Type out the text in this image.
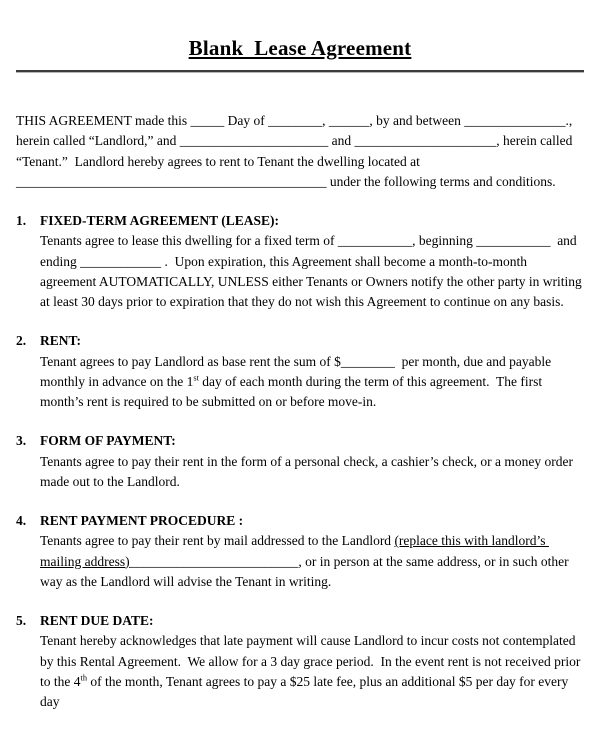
Blank  Lease Agreement

THIS AGREEMENT made this _____ Day of ________, ______, by and between _______________., herein called “Landlord,” and ______________________ and _____________________, herein called “Tenant.”  Landlord hereby agrees to rent to Tenant the dwelling located at ______________________________________________ under the following terms and conditions.

1.	FIXED-TERM AGREEMENT (LEASE):
Tenants agree to lease this dwelling for a fixed term of ___________, beginning ___________  and ending ____________ .  Upon expiration, this Agreement shall become a month-to-month agreement AUTOMATICALLY, UNLESS either Tenants or Owners notify the other party in writing at least 30 days prior to expiration that they do not wish this Agreement to continue on any basis.
2.	RENT:
Tenant agrees to pay Landlord as base rent the sum of $________  per month, due and payable monthly in advance on the 1st day of each month during the term of this agreement.  The first month’s rent is required to be submitted on or before move-in.
3.	FORM OF PAYMENT:
Tenants agree to pay their rent in the form of a personal check, a cashier’s check, or a money order made out to the Landlord.
4.	RENT PAYMENT PROCEDURE :
Tenants agree to pay their rent by mail addressed to the Landlord (replace this with landlord’s mailing address)_________________________, or in person at the same address, or in such other way as the Landlord will advise the Tenant in writing.
5.	RENT DUE DATE:
Tenant hereby acknowledges that late payment will cause Landlord to incur costs not contemplated by this Rental Agreement.  We allow for a 3 day grace period.  In the event rent is not received prior to the 4th of the month, Tenant agrees to pay a $25 late fee, plus an additional $5 per day for every day
